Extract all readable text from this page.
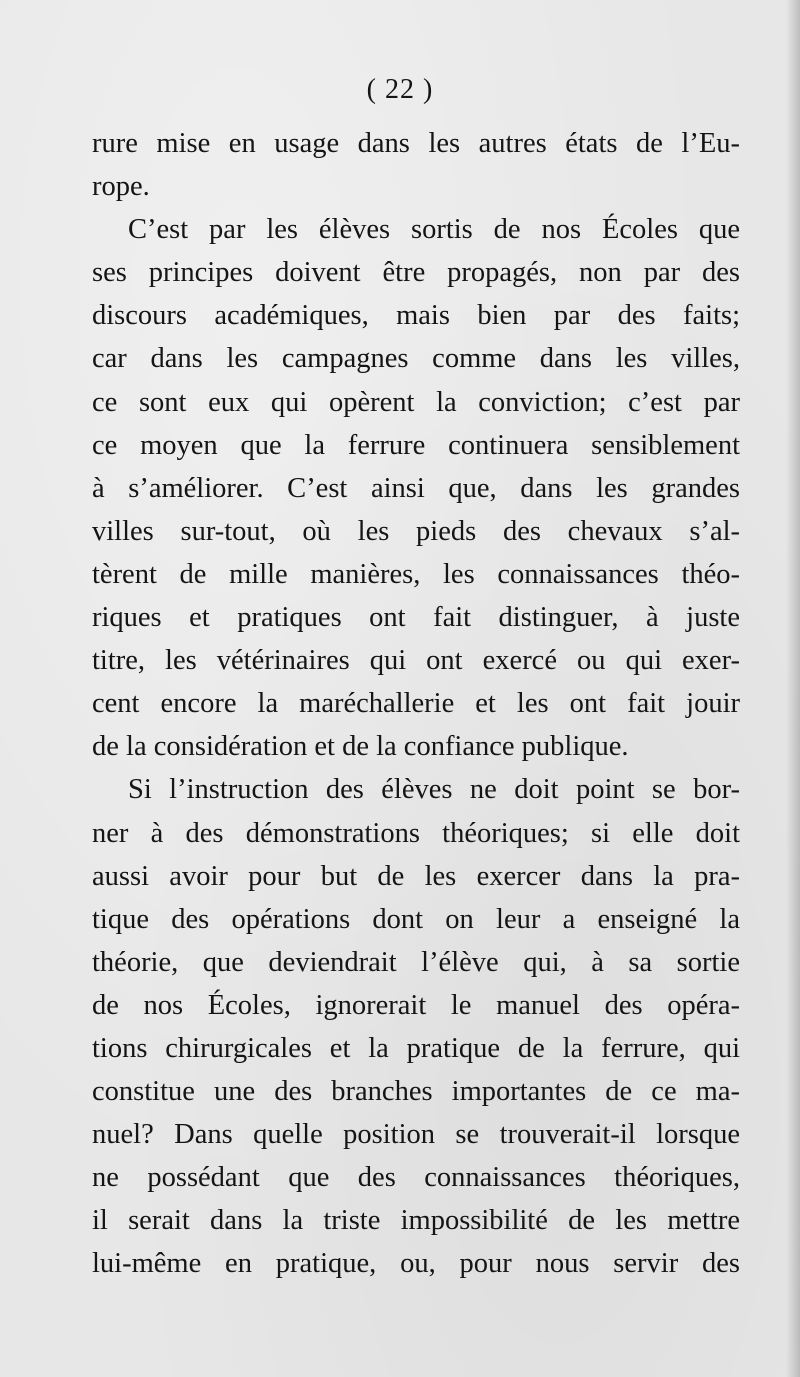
( 22 )
rure mise en usage dans les autres états de l’Eu-
rope.
C’est par les élèves sortis de nos Écoles que
ses principes doivent être propagés, non par des
discours académiques, mais bien par des faits;
car dans les campagnes comme dans les villes,
ce sont eux qui opèrent la conviction; c’est par
ce moyen que la ferrure continuera sensiblement
à s’améliorer. C’est ainsi que, dans les grandes
villes sur-tout, où les pieds des chevaux s’al-
tèrent de mille manières, les connaissances théo-
riques et pratiques ont fait distinguer, à juste
titre, les vétérinaires qui ont exercé ou qui exer-
cent encore la maréchallerie et les ont fait jouir
de la considération et de la confiance publique.
Si l’instruction des élèves ne doit point se bor-
ner à des démonstrations théoriques; si elle doit
aussi avoir pour but de les exercer dans la pra-
tique des opérations dont on leur a enseigné la
théorie, que deviendrait l’élève qui, à sa sortie
de nos Écoles, ignorerait le manuel des opéra-
tions chirurgicales et la pratique de la ferrure, qui
constitue une des branches importantes de ce ma-
nuel? Dans quelle position se trouverait-il lorsque
ne possédant que des connaissances théoriques,
il serait dans la triste impossibilité de les mettre
lui-même en pratique, ou, pour nous servir des
